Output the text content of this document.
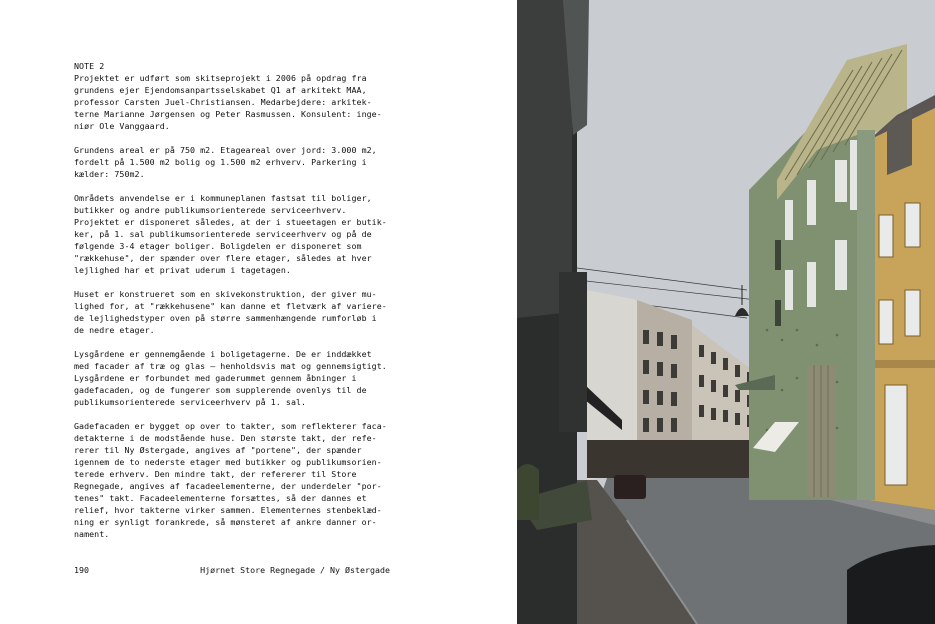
NOTE 2
Projektet er udført som skitseprojekt i 2006 på opdrag fra
grundens ejer Ejendomsanpartsselskabet Q1 af arkitekt MAA,
professor Carsten Juel-Christiansen. Medarbejdere: arkitek-
terne Marianne Jørgensen og Peter Rasmussen. Konsulent: inge-
niør Ole Vanggaard.
Grundens areal er på 750 m2. Etageareal over jord: 3.000 m2,
fordelt på 1.500 m2 bolig og 1.500 m2 erhverv. Parkering i
kælder: 750m2.
Områdets anvendelse er i kommuneplanen fastsat til boliger,
butikker og andre publikumsorienterede serviceerhverv.
Projektet er disponeret således, at der i stueetagen er butik-
ker, på 1. sal publikumsorienterede serviceerhverv og på de
følgende 3-4 etager boliger. Boligdelen er disponeret som
"rækkehuse", der spænder over flere etager, således at hver
lejlighed har et privat uderum i tagetagen.
Huset er konstrueret som en skivekonstruktion, der giver mu-
lighed for, at "rækkehusene" kan danne et fletværk af variere-
de lejlighedstyper oven på større sammenhængende rumforløb i
de nedre etager.
Lysgårdene er gennemgående i boligetagerne. De er inddækket
med facader af træ og glas – henholdsvis mat og gennemsigtigt.
Lysgårdene er forbundet med gaderummet gennem åbninger i
gadefacaden, og de fungerer som supplerende ovenlys til de
publikumsorienterede serviceerhverv på 1. sal.
Gadefacaden er bygget op over to takter, som reflekterer faca-
detakterne i de modstående huse. Den største takt, der refe-
rerer til Ny Østergade, angives af "portene", der spænder
igennem de to nederste etager med butikker og publikumsorien-
terede erhverv. Den mindre takt, der refererer til Store
Regnegade, angives af facadeelementerne, der underdeler "por-
tenes" takt. Facadeelementerne forsættes, så der dannes et
relief, hvor takterne virker sammen. Elementernes stenbeklæd-
ning er synligt forankrede, så mønsteret af ankre danner or-
nament.
190	Hjørnet Store Regnegade / Ny Østergade
